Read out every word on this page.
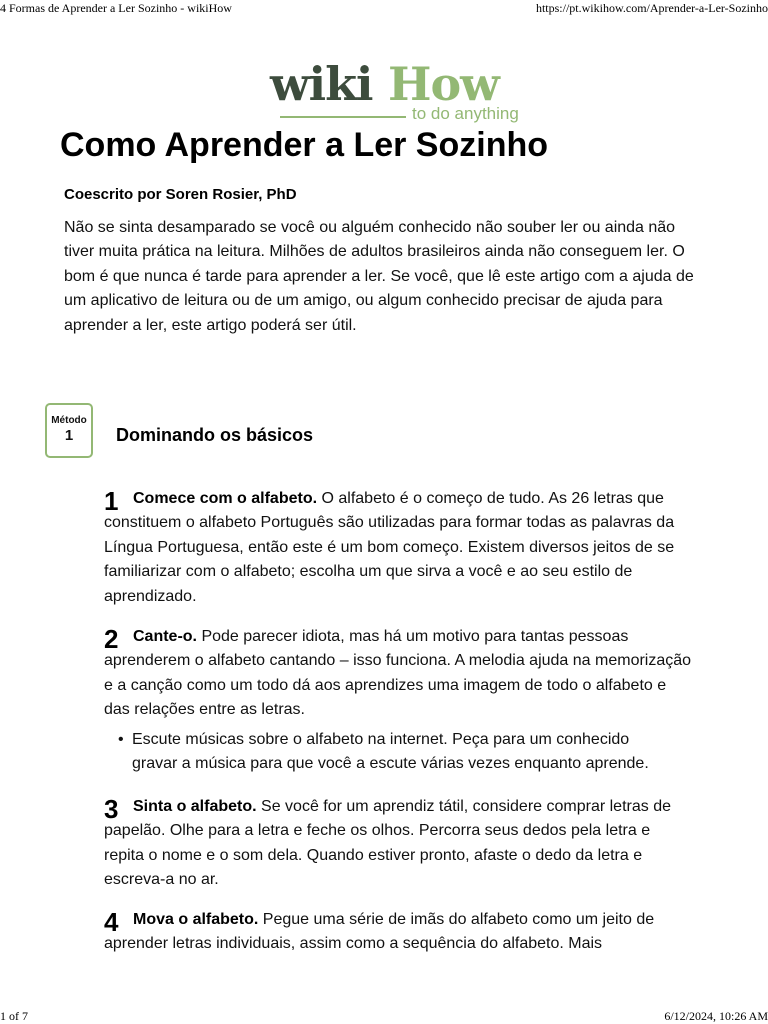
4 Formas de Aprender a Ler Sozinho - wikiHow	https://pt.wikihow.com/Aprender-a-Ler-Sozinho
wiki How
to do anything
Como Aprender a Ler Sozinho
Coescrito por Soren Rosier, PhD

Não se sinta desamparado se você ou alguém conhecido não souber ler ou ainda não tiver muita prática na leitura. Milhões de adultos brasileiros ainda não conseguem ler. O bom é que nunca é tarde para aprender a ler. Se você, que lê este artigo com a ajuda de um aplicativo de leitura ou de um amigo, ou algum conhecido precisar de ajuda para aprender a ler, este artigo poderá ser útil.

Método
1	Dominando os básicos
1 Comece com o alfabeto. O alfabeto é o começo de tudo. As 26 letras que constituem o alfabeto Português são utilizadas para formar todas as palavras da Língua Portuguesa, então este é um bom começo. Existem diversos jeitos de se familiarizar com o alfabeto; escolha um que sirva a você e ao seu estilo de aprendizado.

2 Cante-o. Pode parecer idiota, mas há um motivo para tantas pessoas aprenderem o alfabeto cantando – isso funciona. A melodia ajuda na memorização e a canção como um todo dá aos aprendizes uma imagem de todo o alfabeto e das relações entre as letras.

• Escute músicas sobre o alfabeto na internet. Peça para um conhecido gravar a música para que você a escute várias vezes enquanto aprende.

3 Sinta o alfabeto. Se você for um aprendiz tátil, considere comprar letras de papelão. Olhe para a letra e feche os olhos. Percorra seus dedos pela letra e repita o nome e o som dela. Quando estiver pronto, afaste o dedo da letra e escreva-a no ar.

4 Mova o alfabeto. Pegue uma série de imãs do alfabeto como um jeito de aprender letras individuais, assim como a sequência do alfabeto. Mais

1 of 7	6/12/2024, 10:26 AM
